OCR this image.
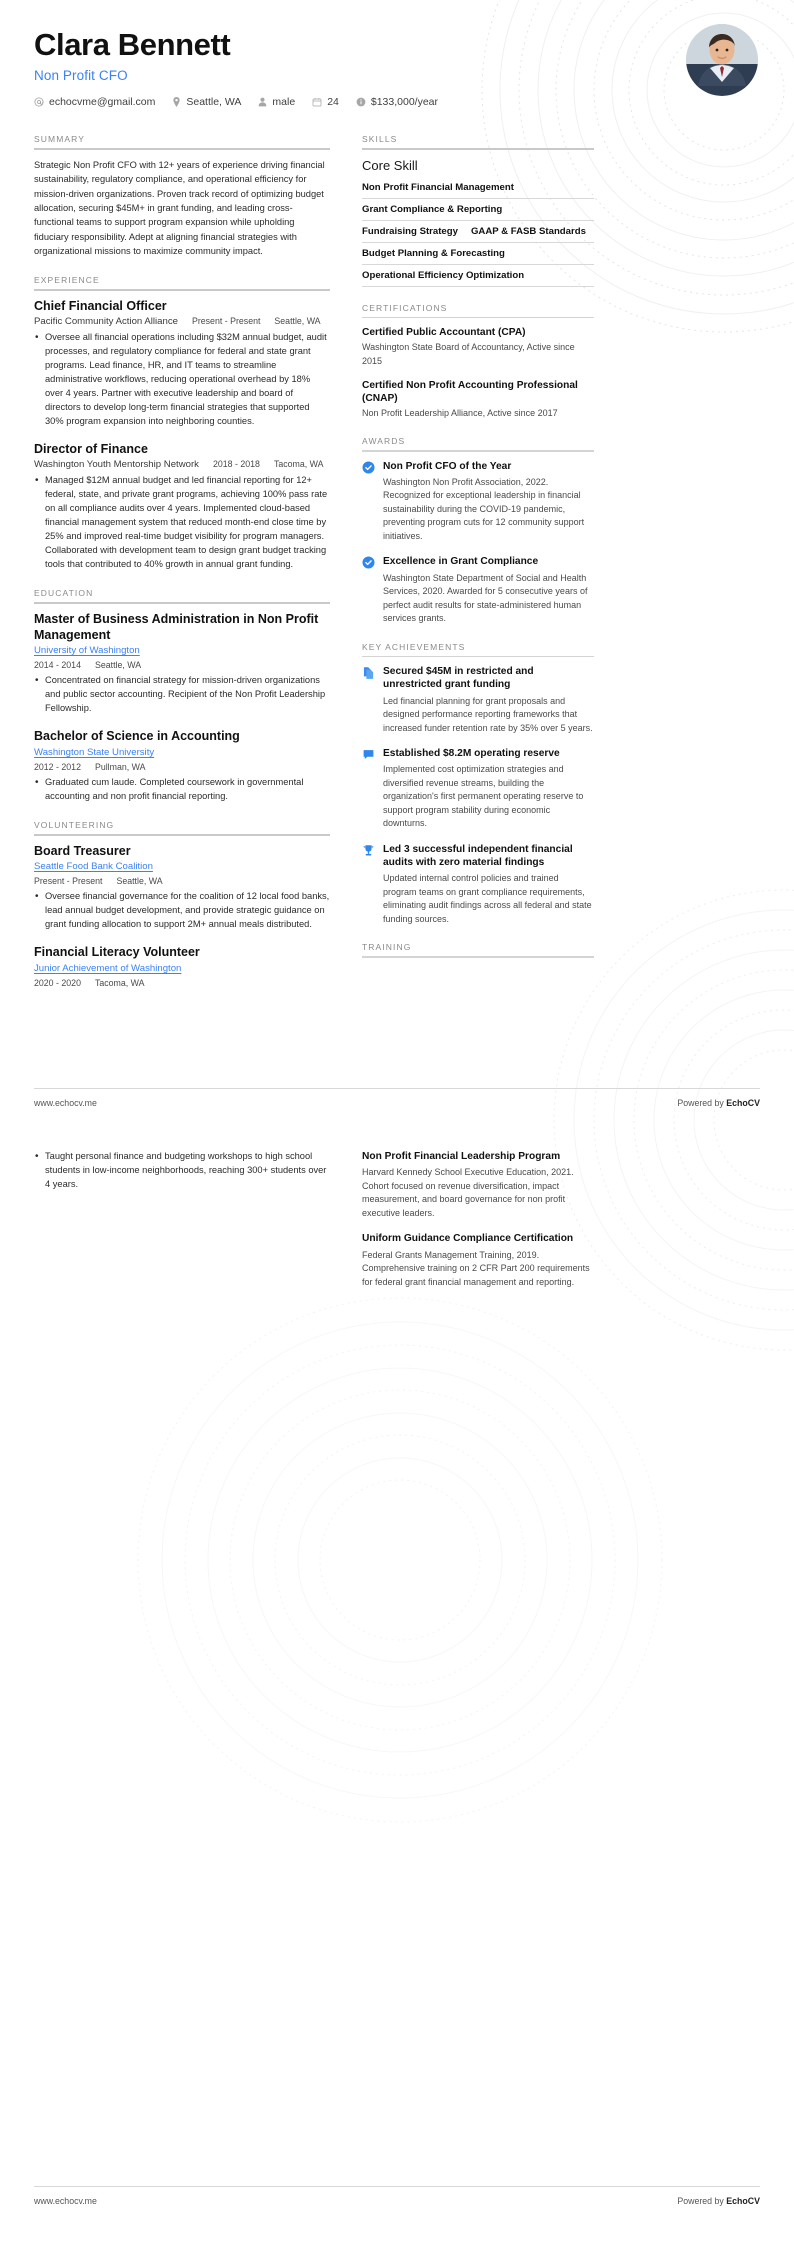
Clara Bennett
Non Profit CFO
echocvme@gmail.com	Seattle, WA	male	24	$133,000/year
SUMMARY
Strategic Non Profit CFO with 12+ years of experience driving financial sustainability, regulatory compliance, and operational efficiency for mission-driven organizations. Proven track record of optimizing budget allocation, securing $45M+ in grant funding, and leading cross-functional teams to support program expansion while upholding fiduciary responsibility. Adept at aligning financial strategies with organizational missions to maximize community impact.
EXPERIENCE
Chief Financial Officer
Pacific Community Action Alliance Present - Present Seattle, WA
• Oversee all financial operations including $32M annual budget, audit processes, and regulatory compliance for federal and state grant programs. Lead finance, HR, and IT teams to streamline administrative workflows, reducing operational overhead by 18% over 4 years. Partner with executive leadership and board of directors to develop long-term financial strategies that supported 30% program expansion into neighboring counties.
Director of Finance
Washington Youth Mentorship Network 2018 - 2018 Tacoma, WA
• Managed $12M annual budget and led financial reporting for 12+ federal, state, and private grant programs, achieving 100% pass rate on all compliance audits over 4 years. Implemented cloud-based financial management system that reduced month-end close time by 25% and improved real-time budget visibility for program managers. Collaborated with development team to design grant budget tracking tools that contributed to 40% growth in annual grant funding.
EDUCATION
Master of Business Administration in Non Profit Management
University of Washington
2014 - 2014 Seattle, WA
• Concentrated on financial strategy for mission-driven organizations and public sector accounting. Recipient of the Non Profit Leadership Fellowship.
Bachelor of Science in Accounting
Washington State University
2012 - 2012 Pullman, WA
• Graduated cum laude. Completed coursework in governmental accounting and non profit financial reporting.
VOLUNTEERING
Board Treasurer
Seattle Food Bank Coalition
Present - Present Seattle, WA
• Oversee financial governance for the coalition of 12 local food banks, lead annual budget development, and provide strategic guidance on grant funding allocation to support 2M+ annual meals distributed.
Financial Literacy Volunteer
Junior Achievement of Washington
2020 - 2020 Tacoma, WA
SKILLS
Core Skill
Non Profit Financial Management
Grant Compliance & Reporting
Fundraising Strategy GAAP & FASB Standards
Budget Planning & Forecasting
Operational Efficiency Optimization
CERTIFICATIONS
Certified Public Accountant (CPA)
Washington State Board of Accountancy, Active since 2015
Certified Non Profit Accounting Professional (CNAP)
Non Profit Leadership Alliance, Active since 2017
AWARDS
Non Profit CFO of the Year
Washington Non Profit Association, 2022. Recognized for exceptional leadership in financial sustainability during the COVID-19 pandemic, preventing program cuts for 12 community support initiatives.
Excellence in Grant Compliance
Washington State Department of Social and Health Services, 2020. Awarded for 5 consecutive years of perfect audit results for state-administered human services grants.
KEY ACHIEVEMENTS
Secured $45M in restricted and unrestricted grant funding
Led financial planning for grant proposals and designed performance reporting frameworks that increased funder retention rate by 35% over 5 years.
Established $8.2M operating reserve
Implemented cost optimization strategies and diversified revenue streams, building the organization's first permanent operating reserve to support program stability during economic downturns.
Led 3 successful independent financial audits with zero material findings
Updated internal control policies and trained program teams on grant compliance requirements, eliminating audit findings across all federal and state funding sources.
TRAINING
www.echocv.me	Powered by EchoCV
• Taught personal finance and budgeting workshops to high school students in low-income neighborhoods, reaching 300+ students over 4 years.
Non Profit Financial Leadership Program
Harvard Kennedy School Executive Education, 2021. Cohort focused on revenue diversification, impact measurement, and board governance for non profit executive leaders.
Uniform Guidance Compliance Certification
Federal Grants Management Training, 2019. Comprehensive training on 2 CFR Part 200 requirements for federal grant financial management and reporting.
www.echocv.me	Powered by EchoCV
